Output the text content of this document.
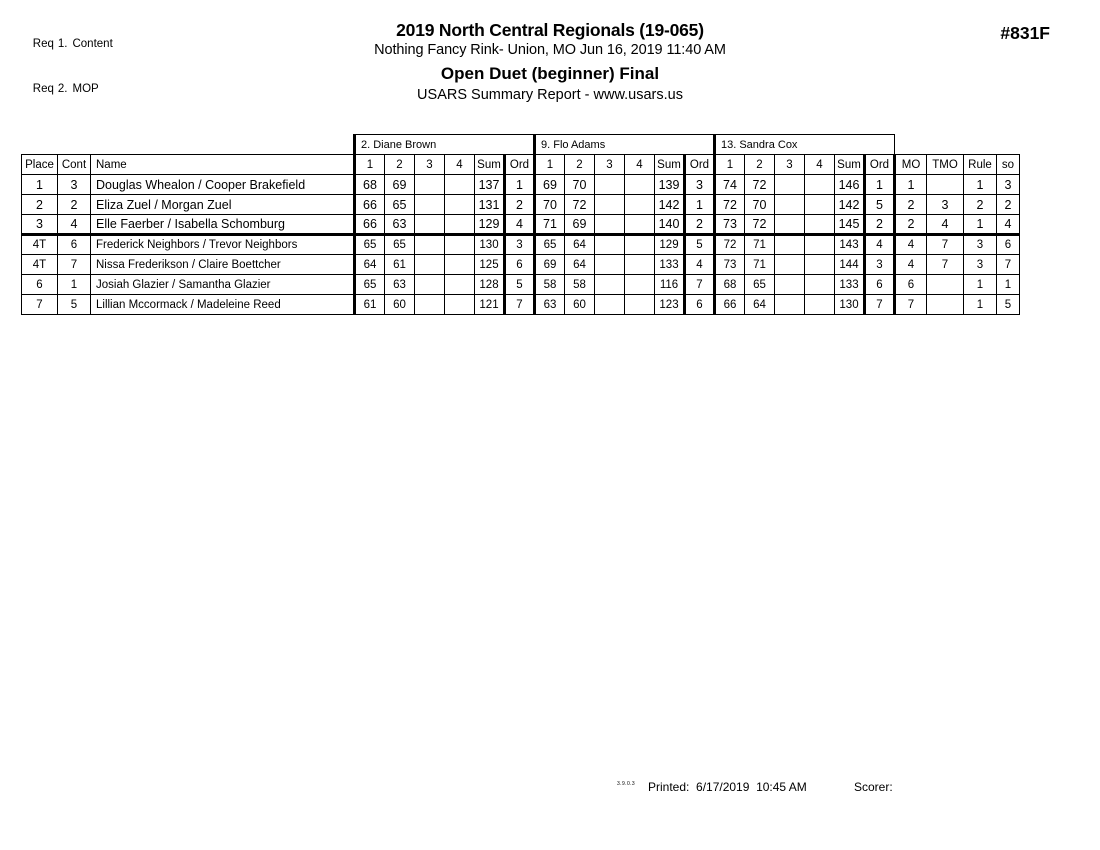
Req 1. Content

Req 2. MOP

2019 North Central Regionals (19-065)
Nothing Fancy Rink- Union, MO Jun 16, 2019 11:40 AM
Open Duet (beginner) Final
USARS Summary Report - www.usars.us
#831F
			2. Diane Brown						9. Flo Adams						13. Sandra Cox									
Place	Cont	Name	1	2	3	4	Sum	Ord	1	2	3	4	Sum	Ord	1	2	3	4	Sum	Ord	MO	TMO	Rule	so
1	3	Douglas Whealon / Cooper Brakefield	68	69			137	1	69	70			139	3	74	72			146	1	1		1	3
2	2	Eliza Zuel / Morgan Zuel	66	65			131	2	70	72			142	1	72	70			142	5	2	3	2	2
3	4	Elle Faerber / Isabella Schomburg	66	63			129	4	71	69			140	2	73	72			145	2	2	4	1	4
4T	6	Frederick Neighbors / Trevor Neighbors	65	65			130	3	65	64			129	5	72	71			143	4	4	7	3	6
4T	7	Nissa Frederikson / Claire Boettcher	64	61			125	6	69	64			133	4	73	71			144	3	4	7	3	7
6	1	Josiah Glazier / Samantha Glazier	65	63			128	5	58	58			116	7	68	65			133	6	6		1	1
7	5	Lillian Mccormack / Madeleine Reed	61	60			121	7	63	60			123	6	66	64			130	7	7		1	5
3.9.0.3 Printed:  6/17/2019  10:45 AM	Scorer:
